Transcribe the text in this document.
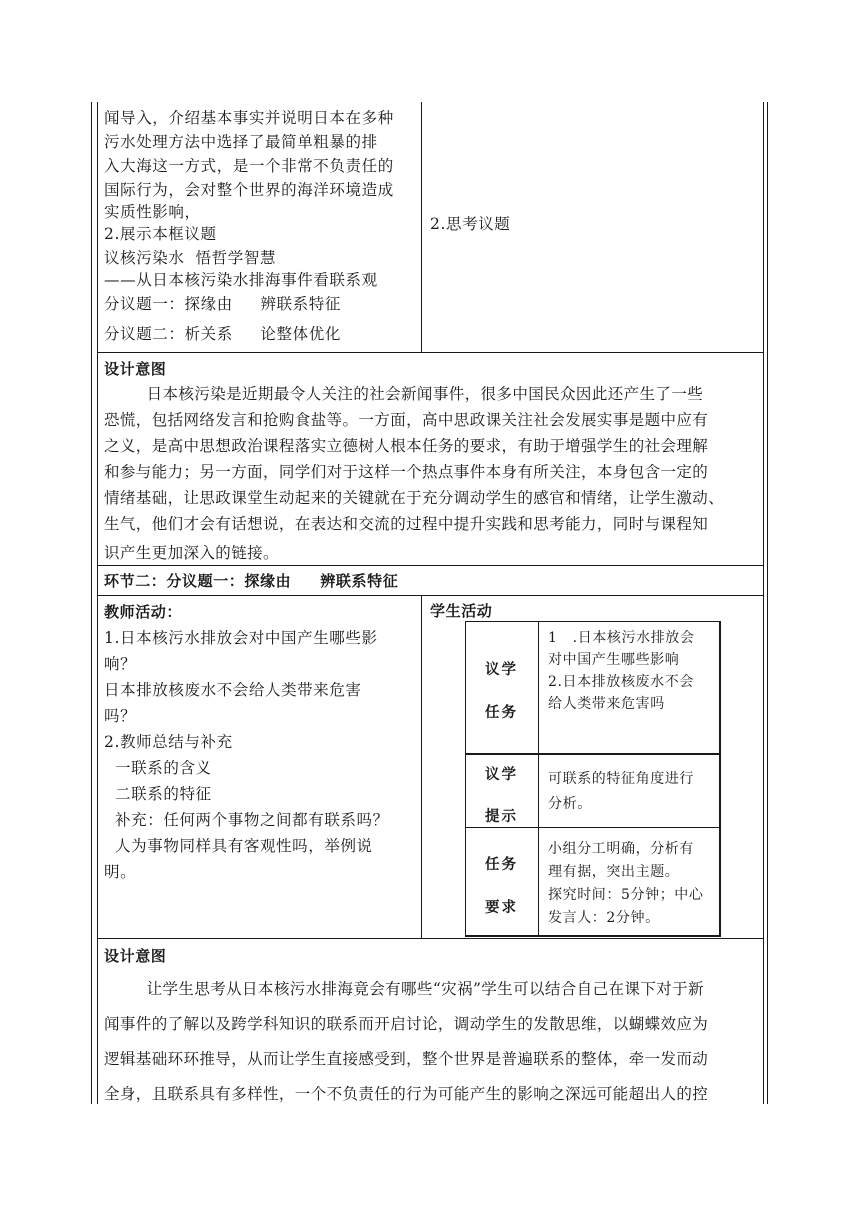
闻导入，介绍基本事实并说明日本在多种
污水处理方法中选择了最简单粗暴的排
入大海这一方式，是一个非常不负责任的
国际行为，会对整个世界的海洋环境造成
实质性影响，
2.展示本框议题
议核污染水  悟哲学智慧
——从日本核污染水排海事件看联系观
分议题一：探缘由     辨联系特征
分议题二：析关系     论整体优化
2.思考议题
设计意图
日本核污染是近期最令人关注的社会新闻事件，很多中国民众因此还产生了一些
恐慌，包括网络发言和抢购食盐等。一方面，高中思政课关注社会发展实事是题中应有
之义，是高中思想政治课程落实立德树人根本任务的要求，有助于增强学生的社会理解
和参与能力；另一方面，同学们对于这样一个热点事件本身有所关注，本身包含一定的
情绪基础，让思政课堂生动起来的关键就在于充分调动学生的感官和情绪，让学生激动、
生气，他们才会有话想说，在表达和交流的过程中提升实践和思考能力，同时与课程知
识产生更加深入的链接。
环节二：分议题一：探缘由     辨联系特征
教师活动：
1.日本核污水排放会对中国产生哪些影
响？
日本排放核废水不会给人类带来危害
吗？
2.教师总结与补充
一联系的含义
二联系的特征
补充：任何两个事物之间都有联系吗？
人为事物同样具有客观性吗，举例说
明。
学生活动
议学
任务
1   .日本核污水排放会
对中国产生哪些影响
2.日本排放核废水不会
给人类带来危害吗
议学
提示
可联系的特征角度进行
分析。
任务
要求
小组分工明确，分析有
理有据，突出主题。
探究时间：5分钟；中心
发言人：2分钟。
设计意图
让学生思考从日本核污水排海竟会有哪些“灾祸”学生可以结合自己在课下对于新
闻事件的了解以及跨学科知识的联系而开启讨论，调动学生的发散思维，以蝴蝶效应为
逻辑基础环环推导，从而让学生直接感受到，整个世界是普遍联系的整体，牵一发而动
全身，且联系具有多样性，一个不负责任的行为可能产生的影响之深远可能超出人的控
